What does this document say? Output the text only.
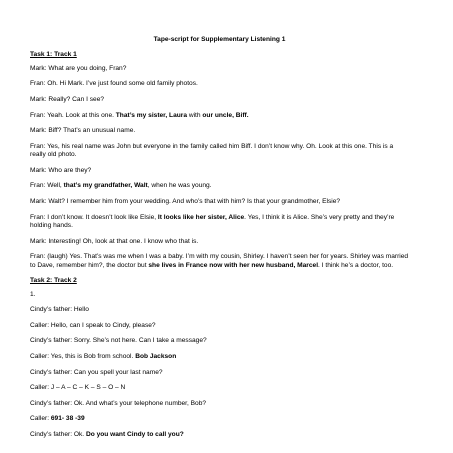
Tape-script for Supplementary Listening 1
Task 1: Track 1
Mark: What are you doing, Fran?
Fran: Oh. Hi Mark. I’ve just found some old family photos.
Mark: Really? Can I see?
Fran: Yeah. Look at this one. That’s my sister, Laura with our uncle, Biff.
Mark: Biff? That’s an unusual name.
Fran: Yes, his real name was John but everyone in the family called him Biff. I don’t know why. Oh. Look at this one. This is a really old photo.
Mark: Who are they?
Fran: Well, that’s my grandfather, Walt, when he was young.
Mark: Walt? I remember him from your wedding. And who’s that with him? Is that your grandmother, Elsie?
Fran: I don’t know. It doesn’t look like Elsie, It looks like her sister, Alice. Yes, I think it is Alice. She’s very pretty and they’re holding hands.
Mark: Interesting! Oh, look at that one. I know who that is.
Fran: (laugh) Yes. That’s was me when I was a baby. I’m with my cousin, Shirley. I haven’t seen her for years. Shirley was married to Dave, remember him?, the doctor but she lives in France now with her new husband, Marcel. I think he’s a doctor, too.
Task 2: Track 2
1.
Cindy’s father: Hello
Caller: Hello, can I speak to Cindy, please?
Cindy’s father: Sorry. She’s not here. Can I take a message?
Caller: Yes, this is Bob from school. Bob Jackson
Cindy’s father: Can you spell your last name?
Caller: J – A – C – K – S – O – N
Cindy’s father: Ok. And what’s your telephone number, Bob?
Caller: 691- 38 -39
Cindy’s father: Ok. Do you want Cindy to call you?
